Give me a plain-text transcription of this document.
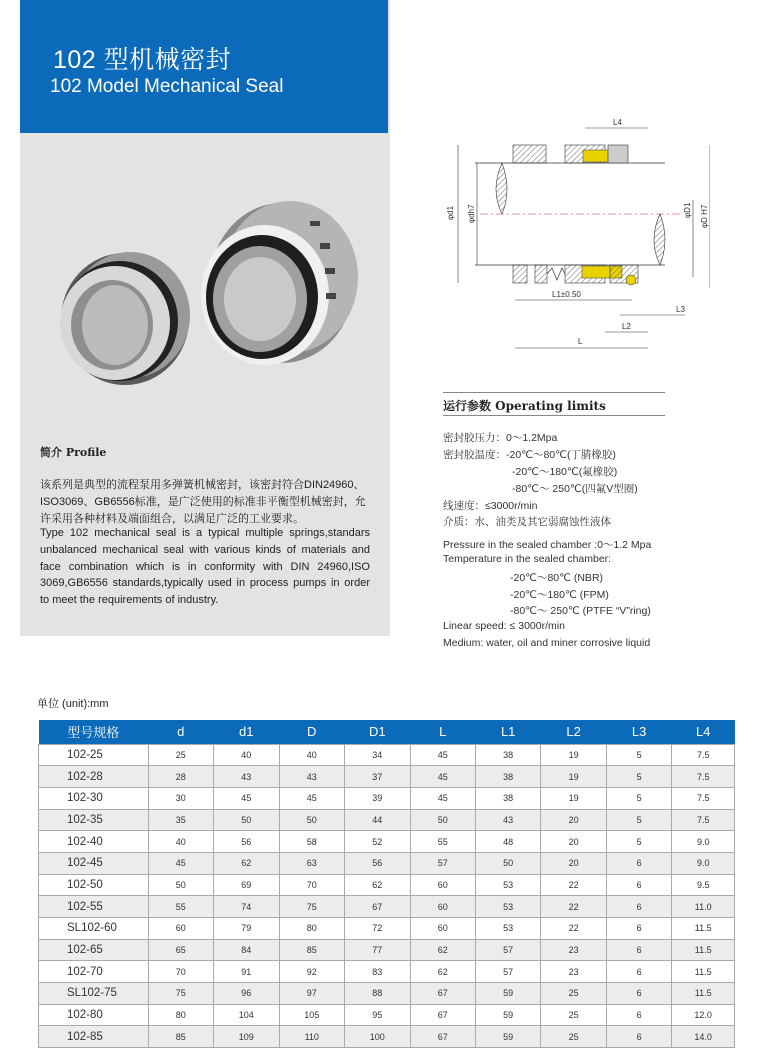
102 型机械密封
102 Model Mechanical Seal
简介 Profile
该系列是典型的流程泵用多弹簧机械密封，该密封符合DIN24960、ISO3069、GB6556标准，是广泛使用的标准非平衡型机械密封，允许采用各种材料及端面组合，以满足广泛的工业要求。
Type 102 mechanical seal is a typical multiple springs,standars unbalanced mechanical seal with various kinds of materials and face combination which is in conformity with DIN 24960,ISO 3069,GB6556 standards,typically used in process pumps in order to meet the requirements of industry.
L4
φd1 φdh7	φD1 φD H7
L1±0.50
L3
L2
L
运行参数 Operating limits
密封胶压力：0～1.2Mpa
密封胶温度：-20℃～80℃(丁腈橡胶)
-20℃～180℃(氟橡胶)
-80℃～ 250℃(四氟V型圈)
线速度：≤3000r/min
介质：水、油类及其它弱腐蚀性液体
Pressure in the sealed chamber :0～1.2 Mpa
Temperature in the sealed chamber:
-20℃～80℃ (NBR)
-20℃～180℃ (FPM)
-80℃～ 250℃ (PTFE “V”ring)
Linear speed: ≤ 3000r/min
Medium: water, oil and miner corrosive liquid
单位 (unit):mm
型号规格	d	d1	D	D1	L	L1	L2	L3	L4
102-25	25	40	40	34	45	38	19	5	7.5
102-28	28	43	43	37	45	38	19	5	7.5
102-30	30	45	45	39	45	38	19	5	7.5
102-35	35	50	50	44	50	43	20	5	7.5
102-40	40	56	58	52	55	48	20	5	9.0
102-45	45	62	63	56	57	50	20	6	9.0
102-50	50	69	70	62	60	53	22	6	9.5
102-55	55	74	75	67	60	53	22	6	11.0
SL102-60	60	79	80	72	60	53	22	6	11.5
102-65	65	84	85	77	62	57	23	6	11.5
102-70	70	91	92	83	62	57	23	6	11.5
SL102-75	75	96	97	88	67	59	25	6	11.5
102-80	80	104	105	95	67	59	25	6	12.0
102-85	85	109	110	100	67	59	25	6	14.0
